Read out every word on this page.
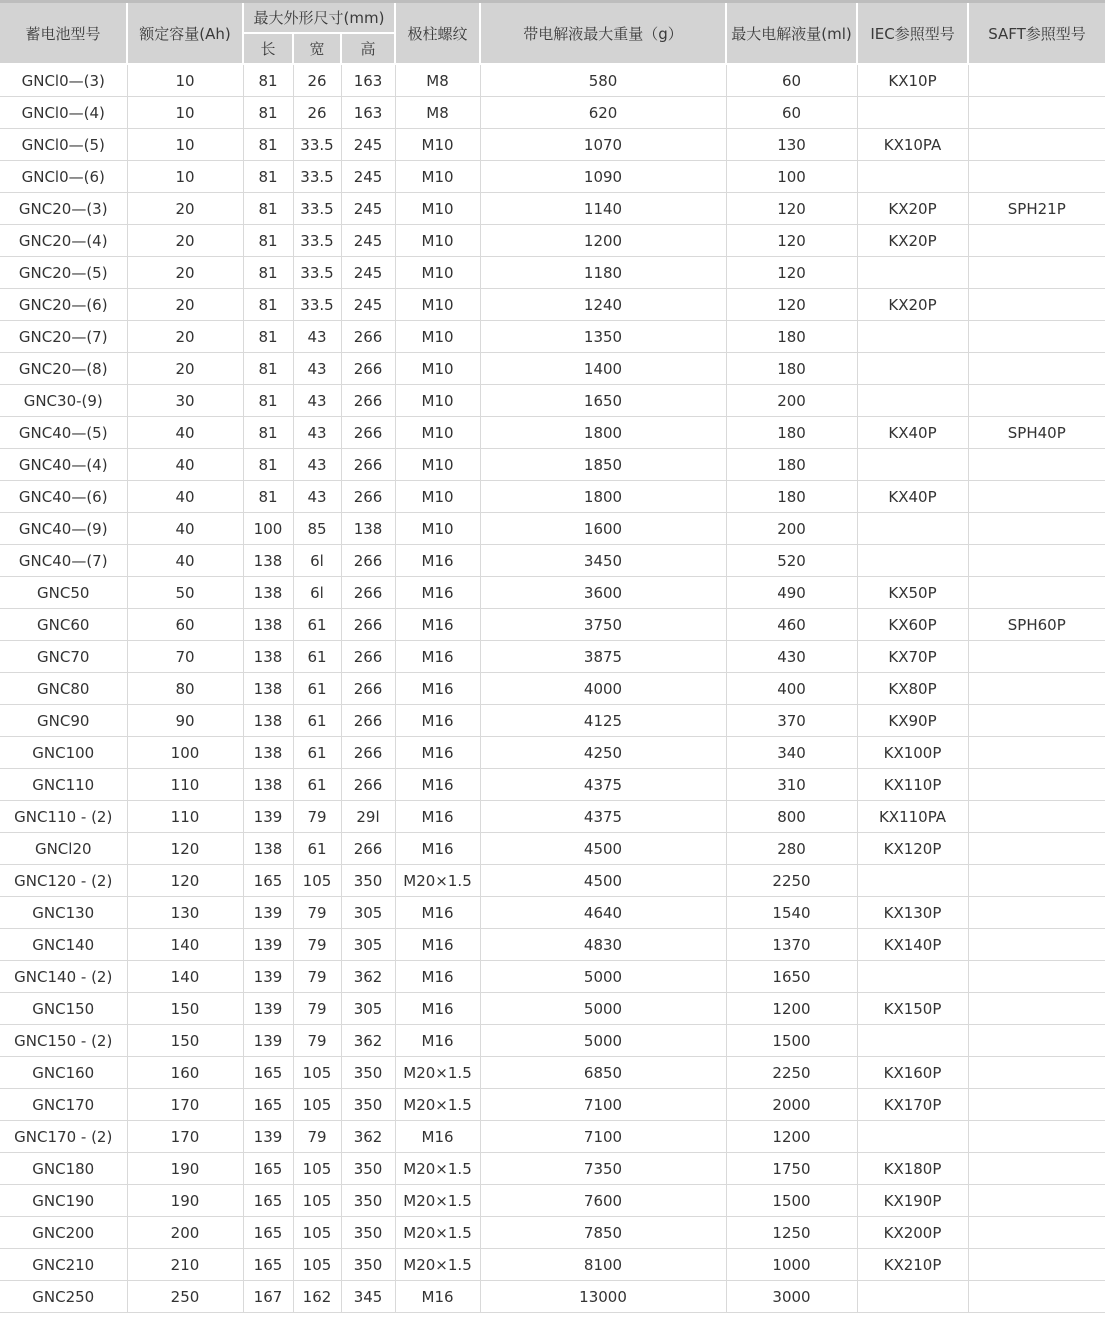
蓄电池型号	额定容量(Ah)	最大外形尺寸(mm)			极柱螺纹	带电解液最大重量（g）	最大电解液量(ml)	IEC参照型号	SAFT参照型号
		长	宽	高					
GNCl0—(3)	10	81	26	163	M8	580	60	KX10P	
GNCl0—(4)	10	81	26	163	M8	620	60		
GNCl0—(5)	10	81	33.5	245	M10	1070	130	KX10PA	
GNCl0—(6)	10	81	33.5	245	M10	1090	100		
GNC20—(3)	20	81	33.5	245	M10	1140	120	KX20P	SPH21P
GNC20—(4)	20	81	33.5	245	M10	1200	120	KX20P	
GNC20—(5)	20	81	33.5	245	M10	1180	120		
GNC20—(6)	20	81	33.5	245	M10	1240	120	KX20P	
GNC20—(7)	20	81	43	266	M10	1350	180		
GNC20—(8)	20	81	43	266	M10	1400	180		
GNC30-(9)	30	81	43	266	M10	1650	200		
GNC40—(5)	40	81	43	266	M10	1800	180	KX40P	SPH40P
GNC40—(4)	40	81	43	266	M10	1850	180		
GNC40—(6)	40	81	43	266	M10	1800	180	KX40P	
GNC40—(9)	40	100	85	138	M10	1600	200		
GNC40—(7)	40	138	6l	266	M16	3450	520		
GNC50	50	138	6l	266	M16	3600	490	KX50P	
GNC60	60	138	61	266	M16	3750	460	KX60P	SPH60P
GNC70	70	138	61	266	M16	3875	430	KX70P	
GNC80	80	138	61	266	M16	4000	400	KX80P	
GNC90	90	138	61	266	M16	4125	370	KX90P	
GNC100	100	138	61	266	M16	4250	340	KX100P	
GNC110	110	138	61	266	M16	4375	310	KX110P	
GNC110 - (2)	110	139	79	29l	M16	4375	800	KX110PA	
GNCl20	120	138	61	266	M16	4500	280	KX120P	
GNC120 - (2)	120	165	105	350	M20×1.5	4500	2250		
GNC130	130	139	79	305	M16	4640	1540	KX130P	
GNC140	140	139	79	305	M16	4830	1370	KX140P	
GNC140 - (2)	140	139	79	362	M16	5000	1650		
GNC150	150	139	79	305	M16	5000	1200	KX150P	
GNC150 - (2)	150	139	79	362	M16	5000	1500		
GNC160	160	165	105	350	M20×1.5	6850	2250	KX160P	
GNC170	170	165	105	350	M20×1.5	7100	2000	KX170P	
GNC170 - (2)	170	139	79	362	M16	7100	1200		
GNC180	190	165	105	350	M20×1.5	7350	1750	KX180P	
GNC190	190	165	105	350	M20×1.5	7600	1500	KX190P	
GNC200	200	165	105	350	M20×1.5	7850	1250	KX200P	
GNC210	210	165	105	350	M20×1.5	8100	1000	KX210P	
GNC250	250	167	162	345	M16	13000	3000		
